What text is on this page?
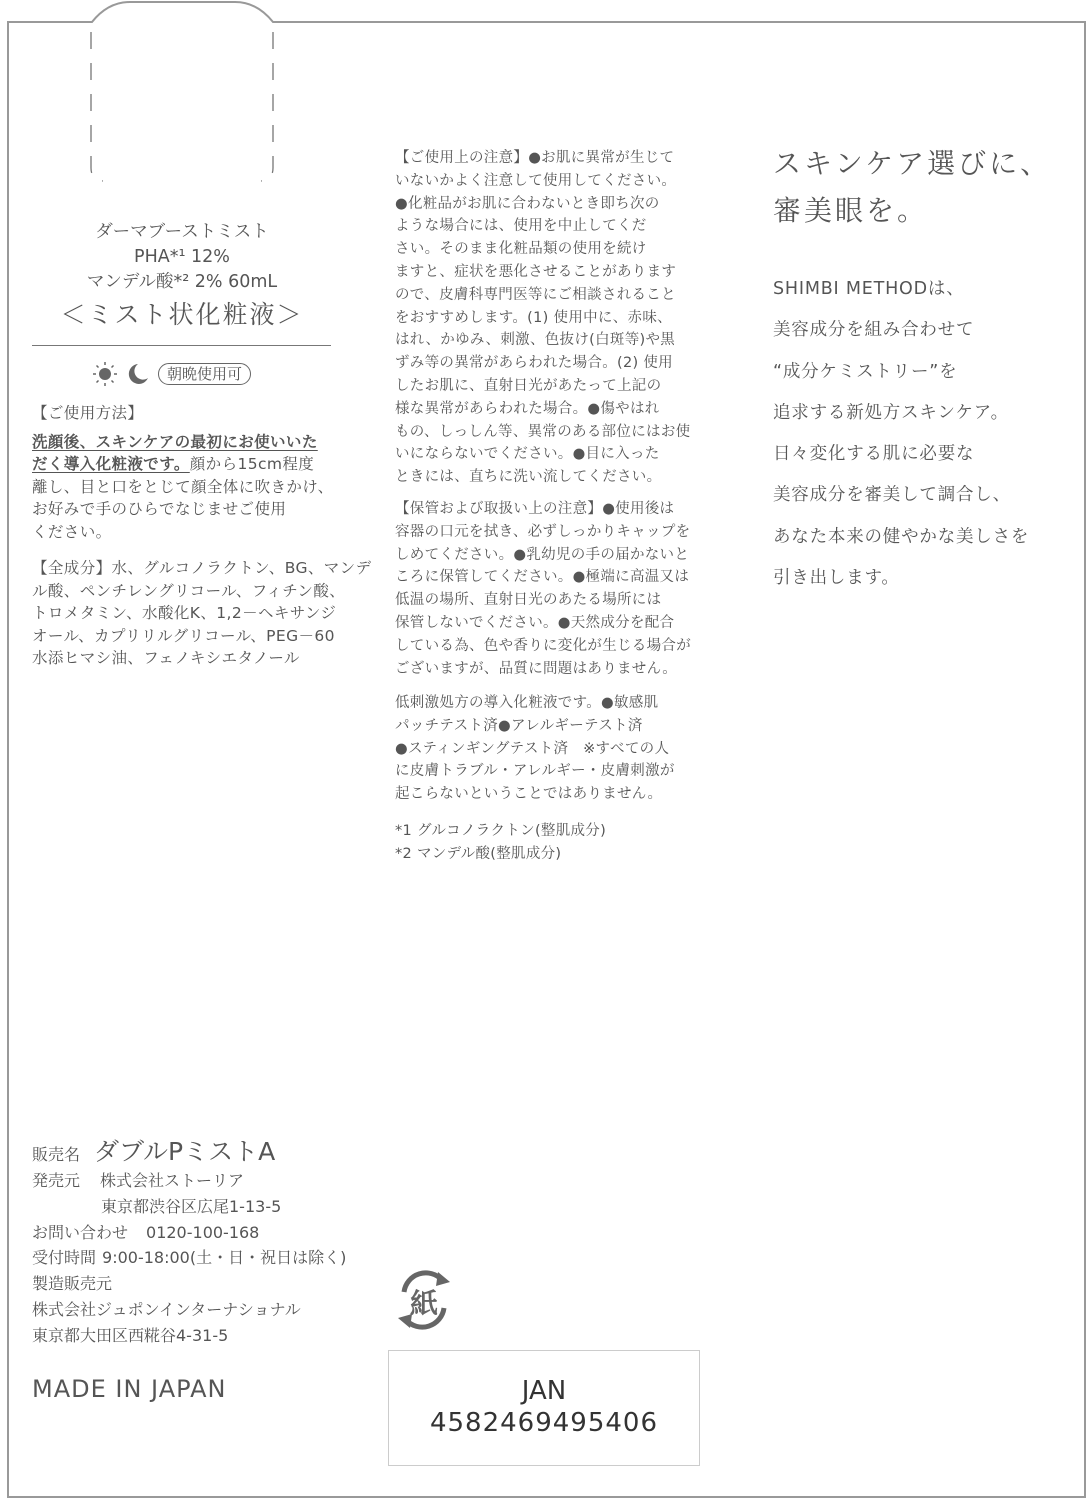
ダーマブーストミスト
PHA*¹ 12%
マンデル酸*² 2% 60mL
＜ミスト状化粧液＞
朝晩使用可
【ご使用方法】
洗顔後、スキンケアの最初にお使いいた
だく導入化粧液です。顔から15cm程度
離し、目と口をとじて顔全体に吹きかけ、
お好みで手のひらでなじませご使用
ください。
【全成分】水、グルコノラクトン、BG、マンデ
ル酸、ペンチレングリコール、フィチン酸、
トロメタミン、水酸化K、1,2－ヘキサンジ
オール、カプリリルグリコール、PEG－60
水添ヒマシ油、フェノキシエタノール
【ご使用上の注意】●お肌に異常が生じて
いないかよく注意して使用してください。
●化粧品がお肌に合わないとき即ち次の
ような場合には、使用を中止してくだ
さい。そのまま化粧品類の使用を続け
ますと、症状を悪化させることがあります
ので、皮膚科専門医等にご相談されること
をおすすめします。(1) 使用中に、赤味、
はれ、かゆみ、刺激、色抜け(白斑等)や黒
ずみ等の異常があらわれた場合。(2) 使用
したお肌に、直射日光があたって上記の
様な異常があらわれた場合。●傷やはれ
もの、しっしん等、異常のある部位にはお使
いにならないでください。●目に入った
ときには、直ちに洗い流してください。
【保管および取扱い上の注意】●使用後は
容器の口元を拭き、必ずしっかりキャップを
しめてください。●乳幼児の手の届かないと
ころに保管してください。●極端に高温又は
低温の場所、直射日光のあたる場所には
保管しないでください。●天然成分を配合
している為、色や香りに変化が生じる場合が
ございますが、品質に問題はありません。
低刺激処方の導入化粧液です。●敏感肌
パッチテスト済●アレルギーテスト済
●スティンギングテスト済　※すべての人
に皮膚トラブル・アレルギー・皮膚刺激が
起こらないということではありません。
*1 グルコノラクトン(整肌成分)
*2 マンデル酸(整肌成分)
スキンケア選びに、
審美眼を。
SHIMBI METHODは、
美容成分を組み合わせて
“成分ケミストリー”を
追求する新処方スキンケア。
日々変化する肌に必要な
美容成分を審美して調合し、
あなた本来の健やかな美しさを
引き出します。
販売名 ダブルPミストA
発売元 株式会社ストーリア
東京都渋谷区広尾1-13-5
お問い合わせ 0120-100-168
受付時間 9:00-18:00(土・日・祝日は除く)
製造販売元
株式会社ジュポンインターナショナル
東京都大田区西糀谷4-31-5
MADE IN JAPAN
紙
JAN
4582469495406
